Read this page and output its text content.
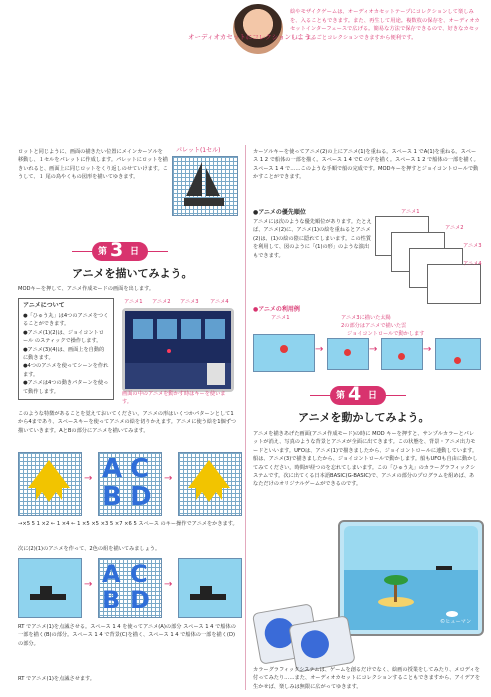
オーディオカセットにコレクションしよう。
絵やモザイクゲームは、オーディオカセットテープにコレクションして楽しみを、入ることもできます。また、再生して用途。複数枚の保存を、オーディオカセットインターフェースで広げる。簡易な方法で保存できるので、好きなカセットに、まるごとコレクションできますから便利です。
ロットと同じように、画面の描きたい位置にメインカーソルを移動し、１セルをパレットに作成します。パレットにロットを描きいれると、画面上に同じロットをくり返しのせていけます。こうして、１ 尾の鳥やくもの図形を描いてゆきます。
パレット(1セル)
第 3 日
アニメを描いてみよう。
MODキーを押して、アニメ作成モードの画面を出します。
アニメについて
●「ひゅう丸」は4つのアニメをつくることができます。
●アニメ(1)(2)は、ジョイコントロール のスティックで操作します。
●アニメ(3)(4)は、画面上を自動的に動きます。
●4つのアニメを使ってシーンを作れます。
●アニメは4つの動きパターンを使って動作します。
アニメ1 アニメ2 アニメ3 アニメ4
画面の中のアニメを動かす時はキーを使います。
このような特徴があることを覚えておいてください。アニメの形はいくつかパターンとして1から4まであり、スペースキーを使ってアニメの絵を切りかえます。アニメに使う絵を1個ずつ描いていきます。AとBの部分にアニメを描いてみます。
→ A C
B D
→
→×5 5 1 ×2 ← 1 ×4 ← 1 ×5 ×5 ×3 5 ×7 ×6 5 スペース のキー操作でアニメをかきます。
次に(2)(1)のアニメを作って、2色の組を描いてみましょう。
→ A C
B D
→
RT でアニメ(1)を点滅させる。スペース 1 4 を使ってアニメ(A)の部分 スペース 1 4 で船体の一部を描く(B)の部分。スペース 1 4 で背景(C)を描く、スペース 1 4 で船体の一部を描く(D)の部分。
RT でアニメ(1)を点滅させます。
カーソルキーを使ってアニメ(2)の上にアニメ(1)を重ねる。スペース 1 でA(1)を重ねる。スペース 1 2 で船体の一部を描く。スペース 1 4 でC の字を描く。スペース 1 2 で船体の一部を描く。スペース 1 4 で……このような手順で船の完成です。MODキーを押すとジョイコントロールで動かすことができます。
●アニメの優先順位
アニメには次のような優先順位があります。たとえば、アニメ(2)に、アニメ(1)の絵を重ねるとアニメ(2)は、(1)の絵の陰に隠れてしまいます。この性質を利用して、図のように「(1)の形」のような演出もできます。
アニメ1
アニメ2
アニメ3
アニメ4
●アニメの利用例
アニメ1	アニメ3に描いた太陽
2の部分はアニメで描いた雲
ジョイコントロールで動かします
→	→	→
第 4 日
アニメを動かしてみよう。
アニメを描きあげた画面(アニメ作成モード)の時に MOD キーを押すと、サンプルカラーとパレットが消え、写真のような背景とアニメが全面に出てきます。この状態を、背景・アニメ出力モードといいます。UFOは、アニメ(1)で描きましたから、ジョイコントロールに連動しています。船は、アニメ(3)で描きましたから、ジョイコントロールで動かします。船もUFOも自由に動かしてみてください。時間が経つのを忘れてしまいます。この「ひゅう丸」のカラーグラフィックシステムです。次に出てくる日本語BASIC(G-BASIC)で、アニメの部分のプログラムを組めば、あなただけのオリジナルゲームができるのです。
©ヒューマン
カラーグラフィックシステムは、ゲームを創るだけでなく、絵画の授業をしてみたり、メロディを付ってみたり……また、オーディオカセットにコレクションすることもできますから、アイデアを生かせば、楽しみは無限に広がってゆきます。
